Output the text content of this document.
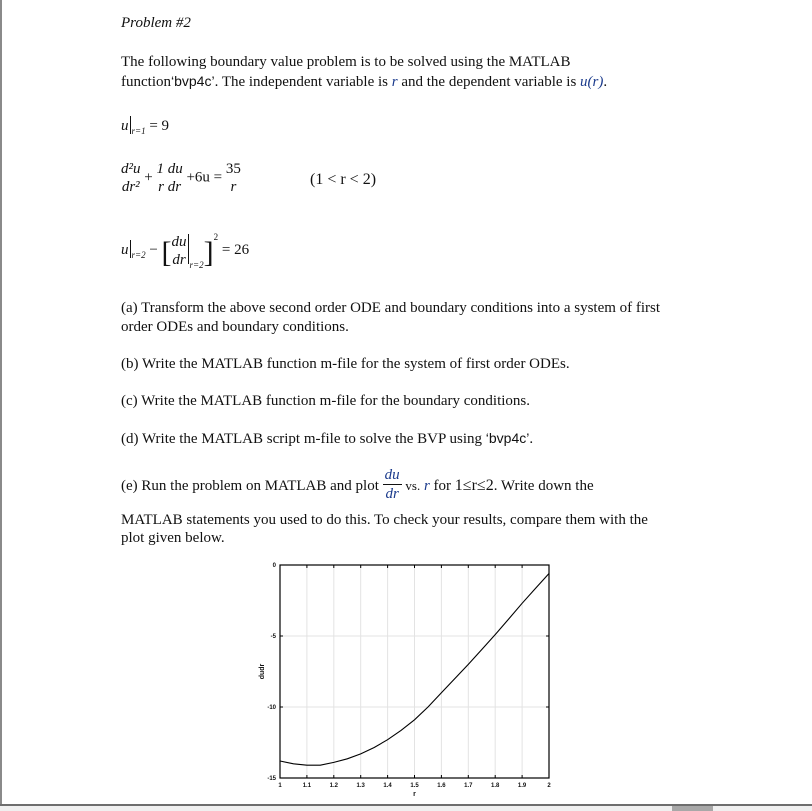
Problem #2
The following boundary value problem is to be solved using the MATLAB
function‘bvp4c’. The independent variable is r and the dependent variable is u(r).
u $_{r=1}$ = 9
d²u
dr²
+
1 du
r dr
+6u =
35
r	(1 < r < 2)
u $_{r=2}$ − [ du
dr $_{r=2}$]$^2$ = 26
(a) Transform the above second order ODE and boundary conditions into a system of first
order ODEs and boundary conditions.
(b) Write the MATLAB function m-file for the system of first order ODEs.
(c) Write the MATLAB function m-file for the boundary conditions.
(d) Write the MATLAB script m-file to solve the BVP using ‘bvp4c’.
(e) Run the problem on MATLAB and plot $\frac{du}{dr}$ vs. r for 1≤r≤2. Write down the
MATLAB statements you used to do this. To check your results, compare them with the
plot given below.
1	1.1	1.2	1.3	1.4	1.5	1.6	1.7	1.8	1.9	2
0
-5
-10
-15
r
dudr
